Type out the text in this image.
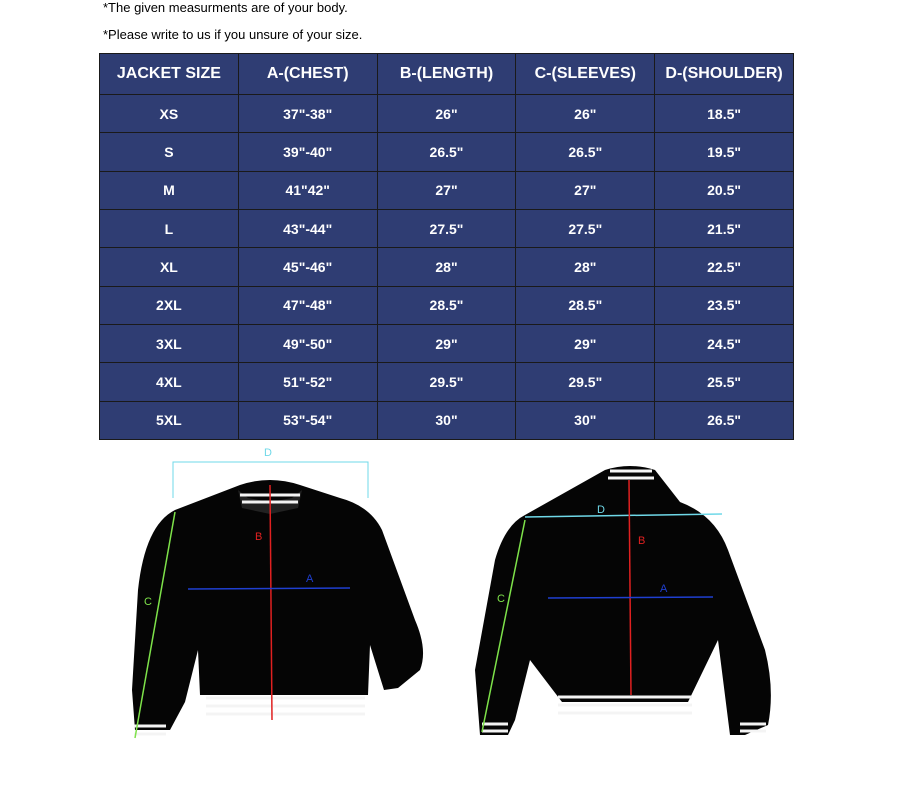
*The given measurments are of your body.
*Please write to us if you unsure of your size.
JACKET SIZE	A-(CHEST)	B-(LENGTH)	C-(SLEEVES)	D-(SHOULDER)
XS	37"-38"	26"	26"	18.5"
S	39"-40"	26.5"	26.5"	19.5"
M	41"42"	27"	27"	20.5"
L	43"-44"	27.5"	27.5"	21.5"
XL	45"-46"	28"	28"	22.5"
2XL	47"-48"	28.5"	28.5"	23.5"
3XL	49"-50"	29"	29"	24.5"
4XL	51"-52"	29.5"	29.5"	25.5"
5XL	53"-54"	30"	30"	26.5"
D
B
A
C
D
B
A
C
